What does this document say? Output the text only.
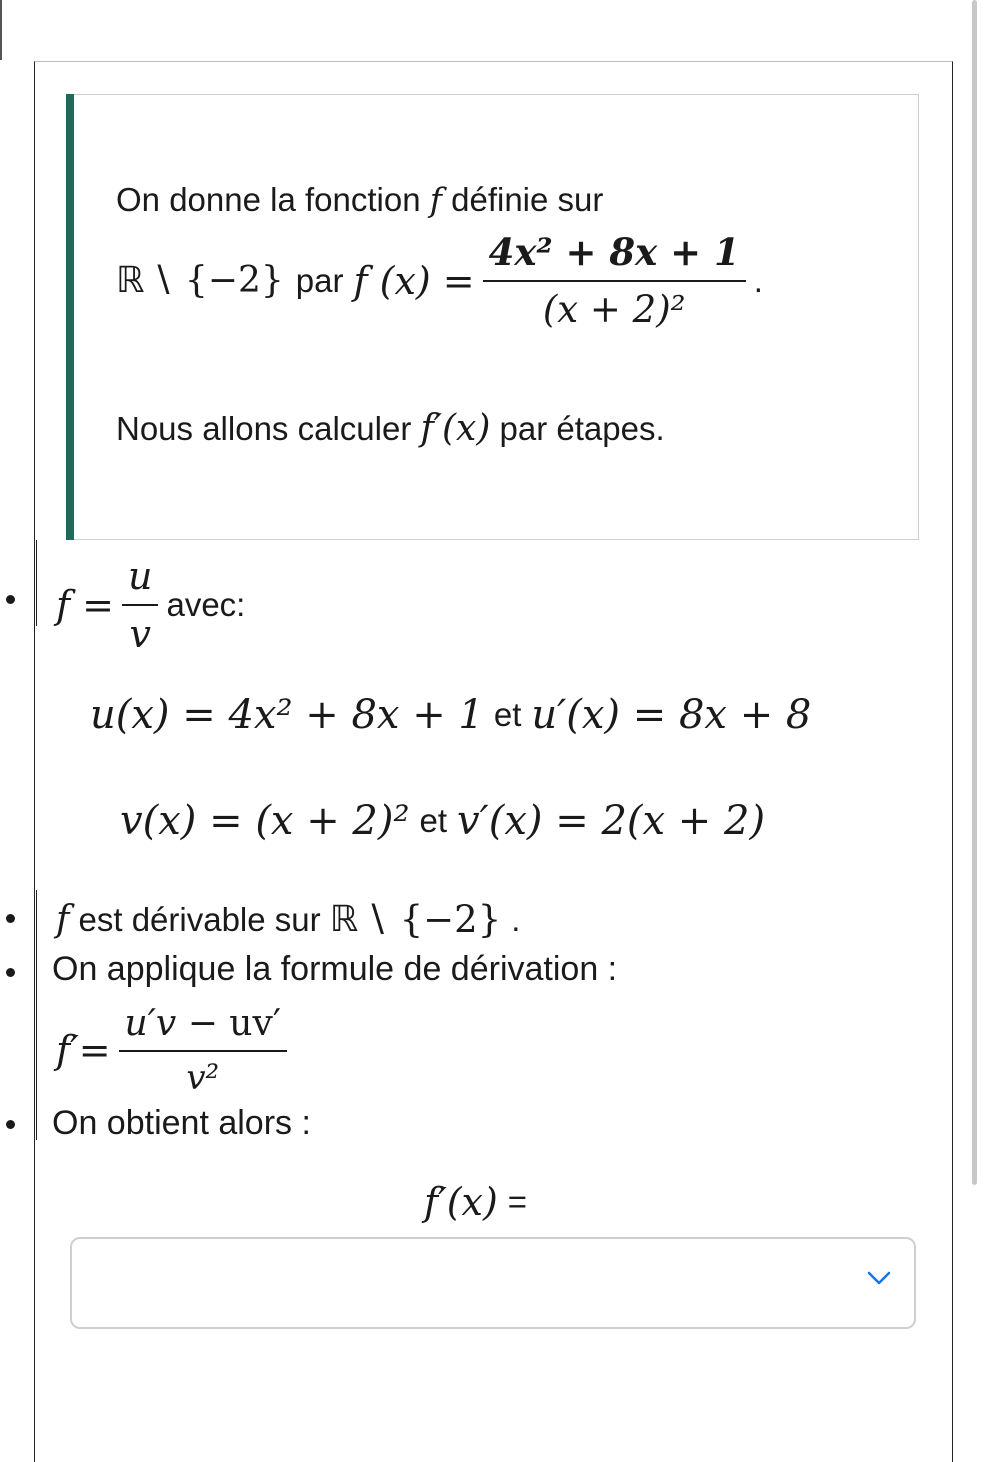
On donne la fonction
f
définie sur
ℝ ∖ {−2} par f $(x) = \frac{\text{4x² + 8x + 1}}{\text{(x + 2)²}}$ .
Nous allons calculer
f′(x)
par étapes.
$f = \frac{u}{v}$ avec:
u(x) = 4x² + 8x + 1 et u′(x) = 8x + 8
v(x) = (x + 2)² et v′(x) = 2(x + 2)
f
est dérivable sur
ℝ ∖ {−2} .
On applique la formule de dérivation :
$f'= \frac{u'v - uv'}{\text{v²}}$
On obtient alors :
f′(x) =
